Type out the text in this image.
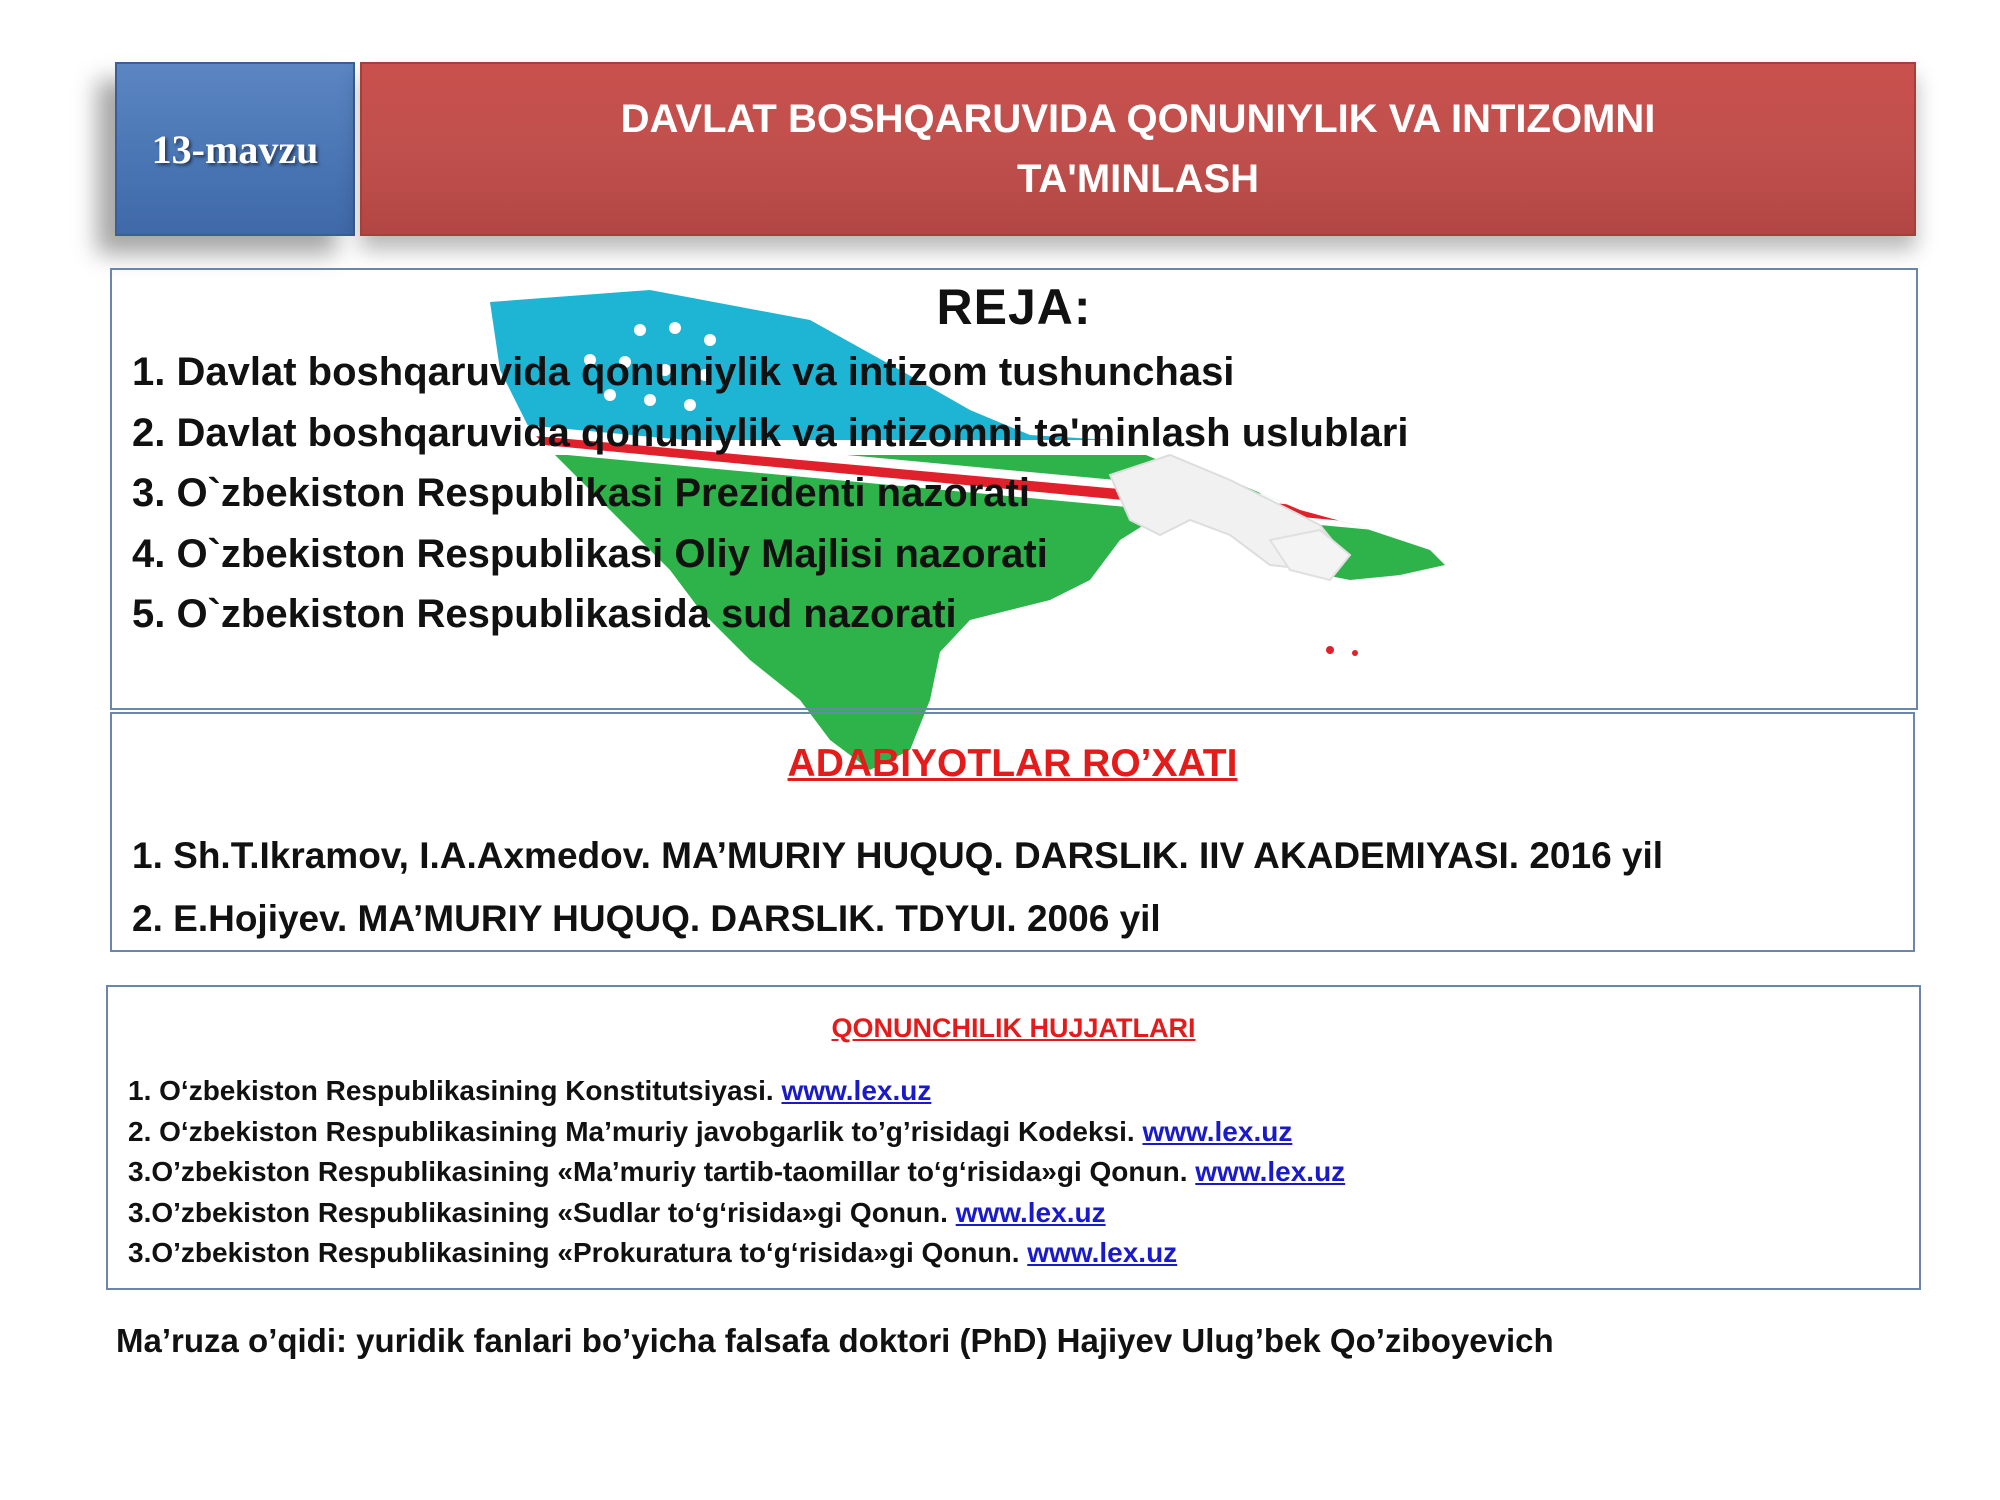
13-mavzu
DAVLAT BOSHQARUVIDA QONUNIYLIK VA INTIZOMNI
TA'MINLASH
REJA:
1. Davlat boshqaruvida qonuniylik va intizom tushunchasi
2. Davlat boshqaruvida qonuniylik va intizomni ta'minlash uslublari
3. O`zbekiston Respublikasi Prezidenti nazorati
4. O`zbekiston Respublikasi Oliy Majlisi nazorati
5. O`zbekiston Respublikasida sud nazorati
ADABIYOTLAR RO’XATI
1. Sh.T.Ikramov, I.A.Axmedov. MA’MURIY HUQUQ. DARSLIK. IIV AKADEMIYASI. 2016 yil
2. E.Hojiyev. MA’MURIY HUQUQ. DARSLIK. TDYUI. 2006 yil
QONUNCHILIK HUJJATLARI
1. O‘zbekiston Respublikasining Konstitutsiyasi. www.lex.uz
2. O‘zbekiston Respublikasining Ma’muriy javobgarlik to’g’risidagi Kodeksi. www.lex.uz
3.O’zbekiston Respublikasining «Ma’muriy tartib-taomillar to‘g‘risida»gi Qonun. www.lex.uz
3.O’zbekiston Respublikasining «Sudlar to‘g‘risida»gi Qonun. www.lex.uz
3.O’zbekiston Respublikasining «Prokuratura to‘g‘risida»gi Qonun. www.lex.uz
Ma’ruza o’qidi: yuridik fanlari bo’yicha falsafa doktori (PhD) Hajiyev Ulug’bek Qo’ziboyevich
